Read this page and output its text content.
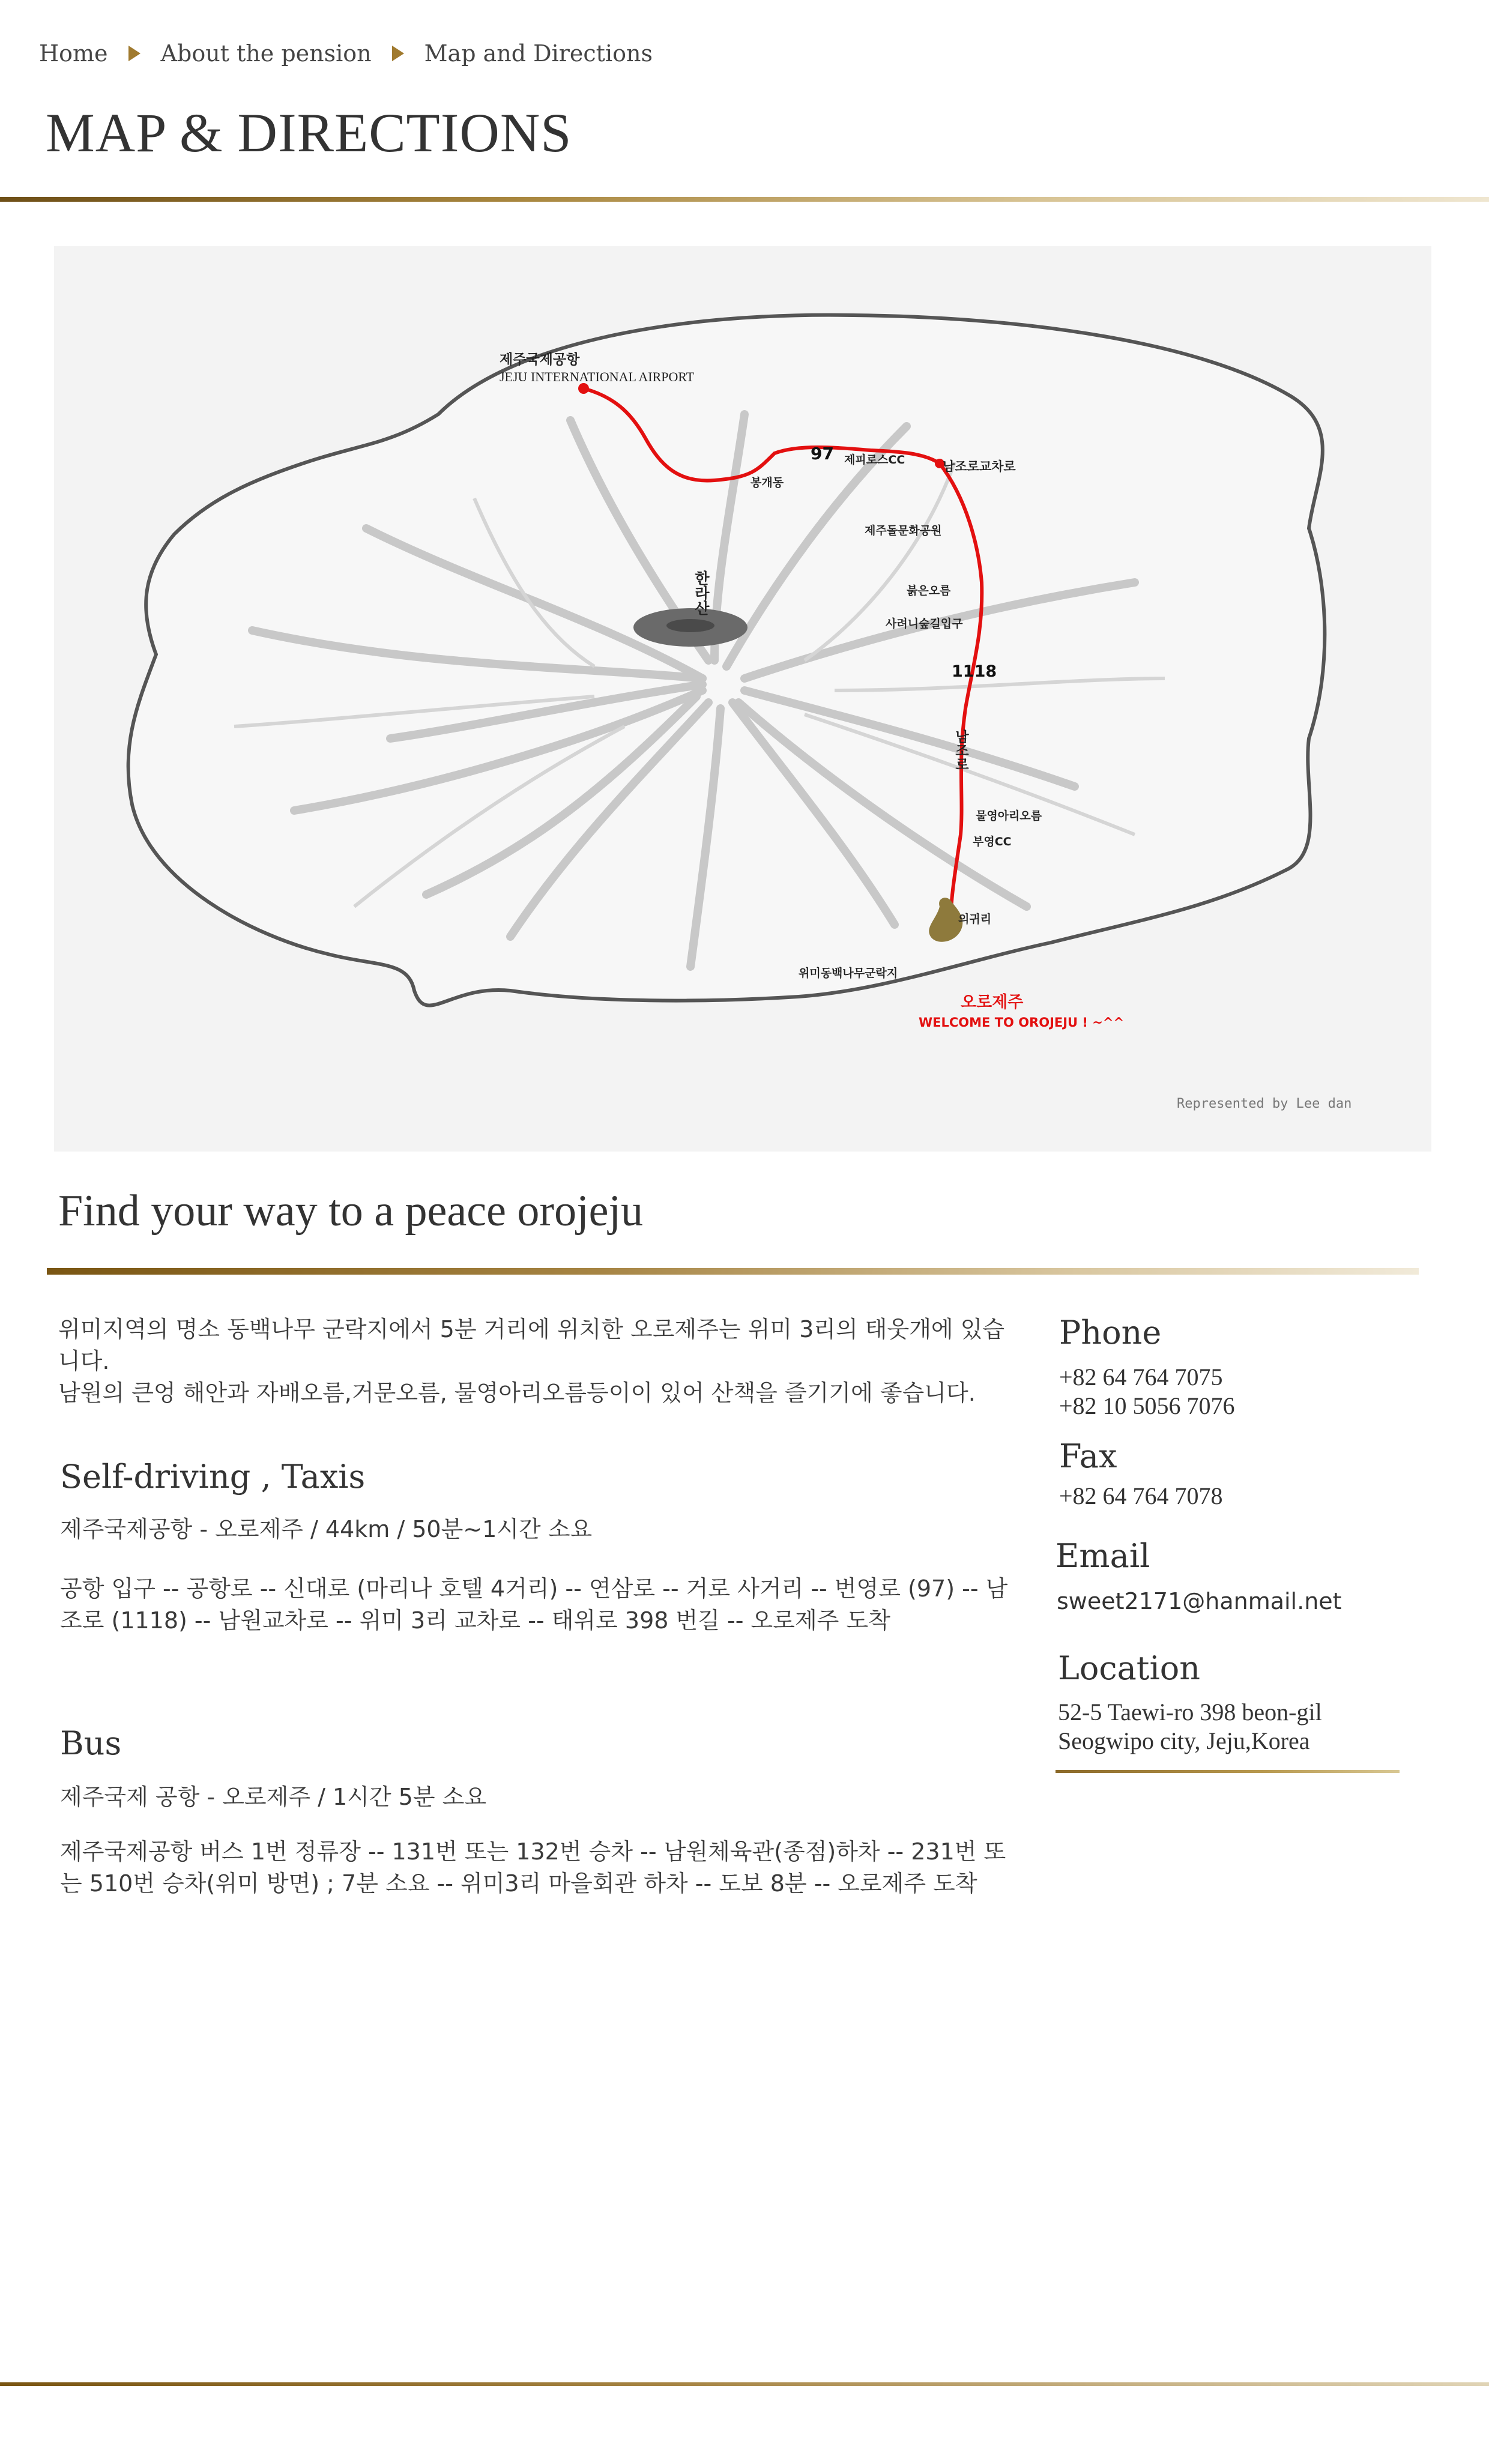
Home About the pension Map and Directions
MAP & DIRECTIONS
제주국제공항
JEJU INTERNATIONAL AIRPORT
97 제피로스CC
봉개동
남조로교차로
제주돌문화공원
한라산	붉은오름
사려니숲길입구
1118
남조로
물영아리오름
부영CC
의귀리
위미동백나무군락지
오로제주
WELCOME TO OROJEJU ! ~^^
Represented by Lee dan
Find your way to a peace orojeju

위미지역의 명소 동백나무 군락지에서 5분 거리에 위치한 오로제주는 위미 3리의 태웃개에 있습니다.

남원의 큰엉 해안과 자배오름,거문오름, 물영아리오름등이이 있어 산책을 즐기기에 좋습니다.

Self-driving , Taxis
제주국제공항 - 오로제주 / 44km / 50분~1시간 소요
공항 입구 -- 공항로 -- 신대로 (마리나 호텔 4거리) -- 연삼로 -- 거로 사거리 -- 번영로 (97) -- 남조로 (1118) -- 남원교차로 -- 위미 3리 교차로 -- 태위로 398 번길 -- 오로제주 도착
Bus
제주국제 공항 - 오로제주 / 1시간 5분 소요
제주국제공항 버스 1번 정류장 -- 131번 또는 132번 승차 -- 남원체육관(종점)하차 -- 231번 또는 510번 승차(위미 방면) ; 7분 소요 -- 위미3리 마을회관 하차 -- 도보 8분 -- 오로제주 도착
Phone
+82 64 764 7075
+82 10 5056 7076
Fax
+82 64 764 7078
Email
sweet2171@hanmail.net
Location
52-5 Taewi-ro 398 beon-gil
Seogwipo city, Jeju,Korea
